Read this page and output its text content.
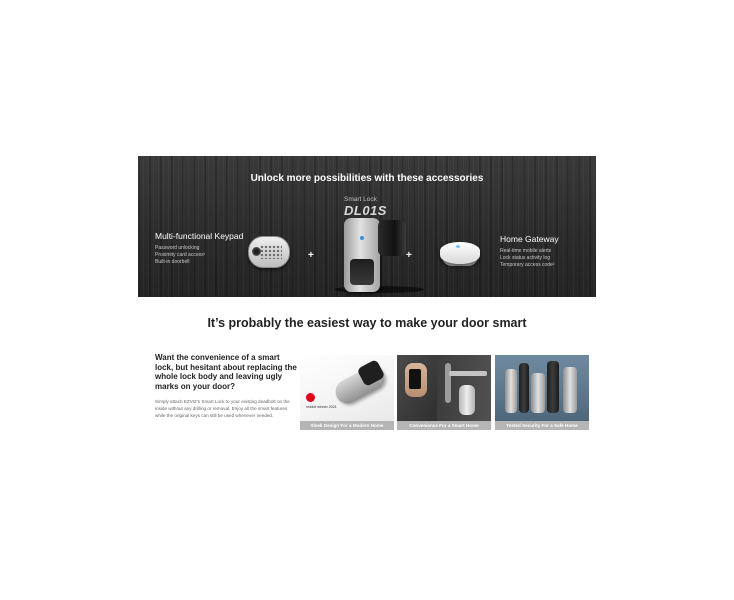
Unlock more possibilities with these accessories
Multi-functional Keypad
Password unlocking
Proximity card access¹
Built-in doorbell
+
Smart Lock
DL01S
+
Home Gateway
Real-time mobile alerts
Lock status activity log
Temporary access code²
It’s probably the easiest way to make your door smart

Want the convenience of a smart lock, but hesitant about replacing the whole lock body and leaving ugly marks on your door?

Simply attach EZVIZ’s Smart Lock to your existing deadbolt on the inside without any drilling or removal. Enjoy all the smart features while the original keys can still be used whenever needed.

reddot winner 2021
Sleek Design For a Modern Home	Convenience For a Smart Home	Tested Security For a Safe Home
